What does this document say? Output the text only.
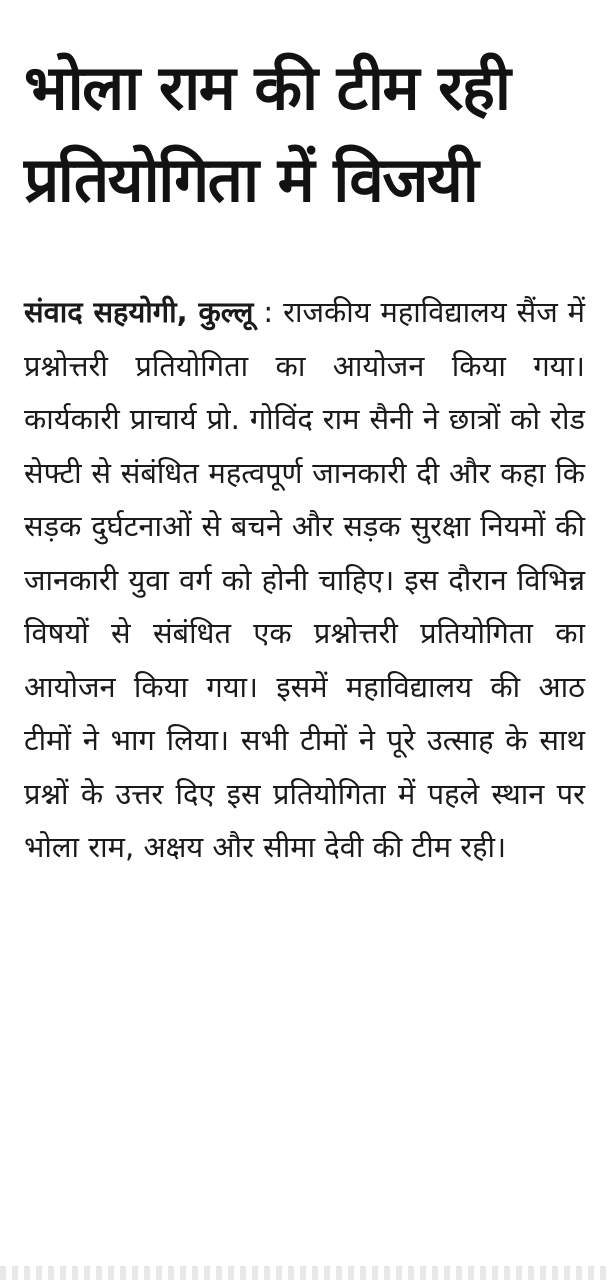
भोला राम की टीम रही
प्रतियोगिता में विजयी

संवाद सहयोगी, कुल्लू : राजकीय महाविद्यालय सैंज में प्रश्नोत्तरी प्रतियोगिता का आयोजन किया गया। कार्यकारी प्राचार्य प्रो. गोविंद राम सैनी ने छात्रों को रोड सेफ्टी से संबंधित महत्वपूर्ण जानकारी दी और कहा कि सड़क दुर्घटनाओं से बचने और सड़क सुरक्षा नियमों की जानकारी युवा वर्ग को होनी चाहिए। इस दौरान विभिन्न विषयों से संबंधित एक प्रश्नोत्तरी प्रतियोगिता का आयोजन किया गया। इसमें महाविद्यालय की आठ टीमों ने भाग लिया। सभी टीमों ने पूरे उत्साह के साथ प्रश्नों के उत्तर दिए इस प्रतियोगिता में पहले स्थान पर भोला राम, अक्षय और सीमा देवी की टीम रही।
